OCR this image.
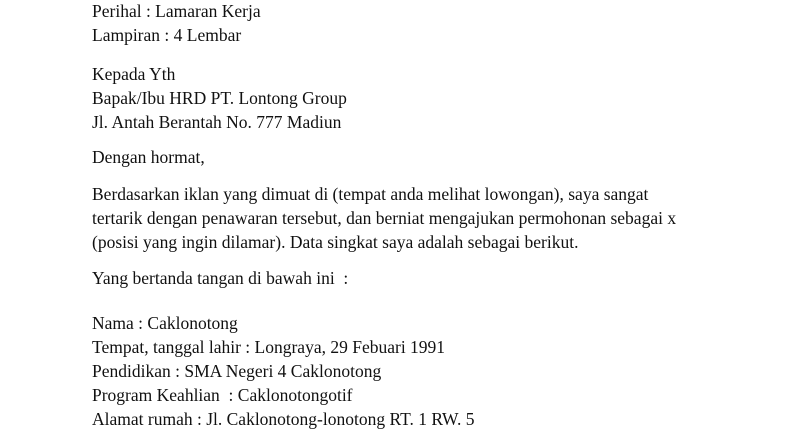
Perihal : Lamaran Kerja
Lampiran : 4 Lembar
Kepada Yth
Bapak/Ibu HRD PT. Lontong Group
Jl. Antah Berantah No. 777 Madiun
Dengan hormat,
Berdasarkan iklan yang dimuat di (tempat anda melihat lowongan), saya sangat
tertarik dengan penawaran tersebut, dan berniat mengajukan permohonan sebagai x
(posisi yang ingin dilamar). Data singkat saya adalah sebagai berikut.
Yang bertanda tangan di bawah ini  :
Nama : Caklonotong
Tempat, tanggal lahir : Longraya, 29 Febuari 1991
Pendidikan : SMA Negeri 4 Caklonotong
Program Keahlian  : Caklonotongotif
Alamat rumah : Jl. Caklonotong-lonotong RT. 1 RW. 5
